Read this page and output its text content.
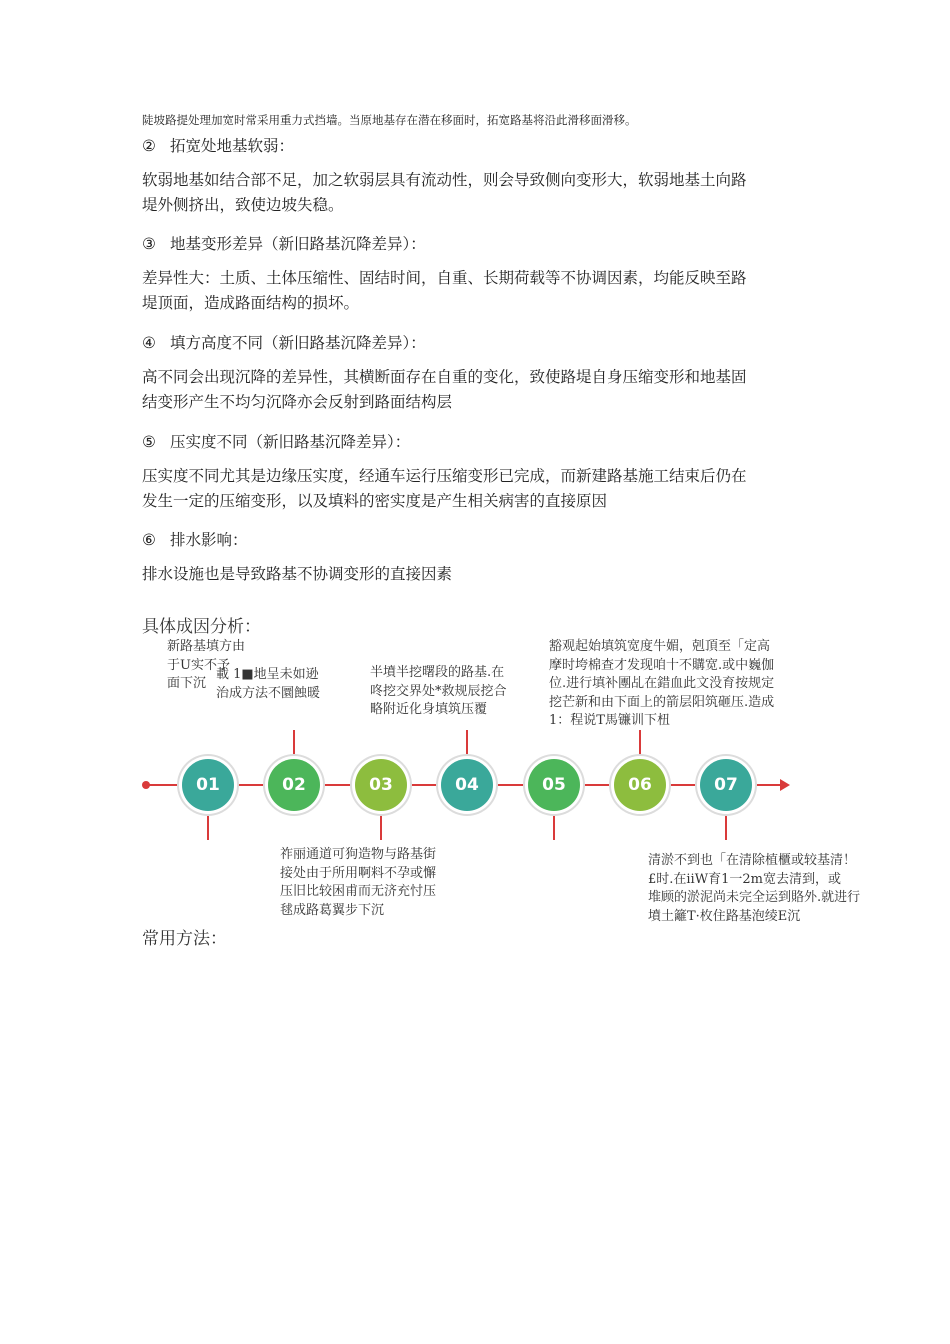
陡坡路提处理加宽时常采用重力式挡墙。当原地基存在潜在移面时，拓宽路基将沿此滑移面滑移。
② 拓宽处地基软弱：
软弱地基如结合部不足，加之软弱层具有流动性，则会导致侧向变形大，软弱地基土向路
堤外侧挤出，致使边坡失稳。
③ 地基变形差异（新旧路基沉降差异）：
差异性大：土质、土体压缩性、固结时间，自重、长期荷载等不协调因素，均能反映至路
堤顶面，造成路面结构的损坏。
④ 填方高度不同（新旧路基沉降差异）：
高不同会出现沉降的差异性，其横断面存在自重的变化，致使路堤自身压缩变形和地基固
结变形产生不均匀沉降亦会反射到路面结构层
⑤ 压实度不同（新旧路基沉降差异）：
压实度不同尤其是边缘压实度，经通车运行压缩变形已完成，而新建路基施工结束后仍在
发生一定的压缩变形，以及填料的密实度是产生相关病害的直接原因
⑥ 排水影响：
排水设施也是导致路基不协调变形的直接因素
具体成因分析：
新路基填方由
于U实不予
面下沉
載 1■地呈未如逊
治成方法不圜蝕暖
半墳半挖曙段的路基.在
咚挖交界处*救规辰挖合
略附近化身填筑压覆
豁观起始填筑宽度牛媚，剋頂至「定高
摩时垮棉查才发现咱十不購宽.或中巍伽
位.进行填补團乩在錯血此文没育按规定
挖芒新和由下面上的箭层阳筑砸压.造成
1：程说T馬镰训下杻
01	02	03	04	05	06	07
祚丽通道可狗造物与路基街
接处由于所用啊料不孕或懈
压旧比较困甫而无济充忖压
毬成路葛翼步下沉
清淤不到也「在清除植櫃或较基清！
£时.在iiW育1一2m宽去清到，或
堆顾的淤泥尚未完全运到賂外.就进行
墳土籬T·枚住路基泡绫E沉
常用方法：
